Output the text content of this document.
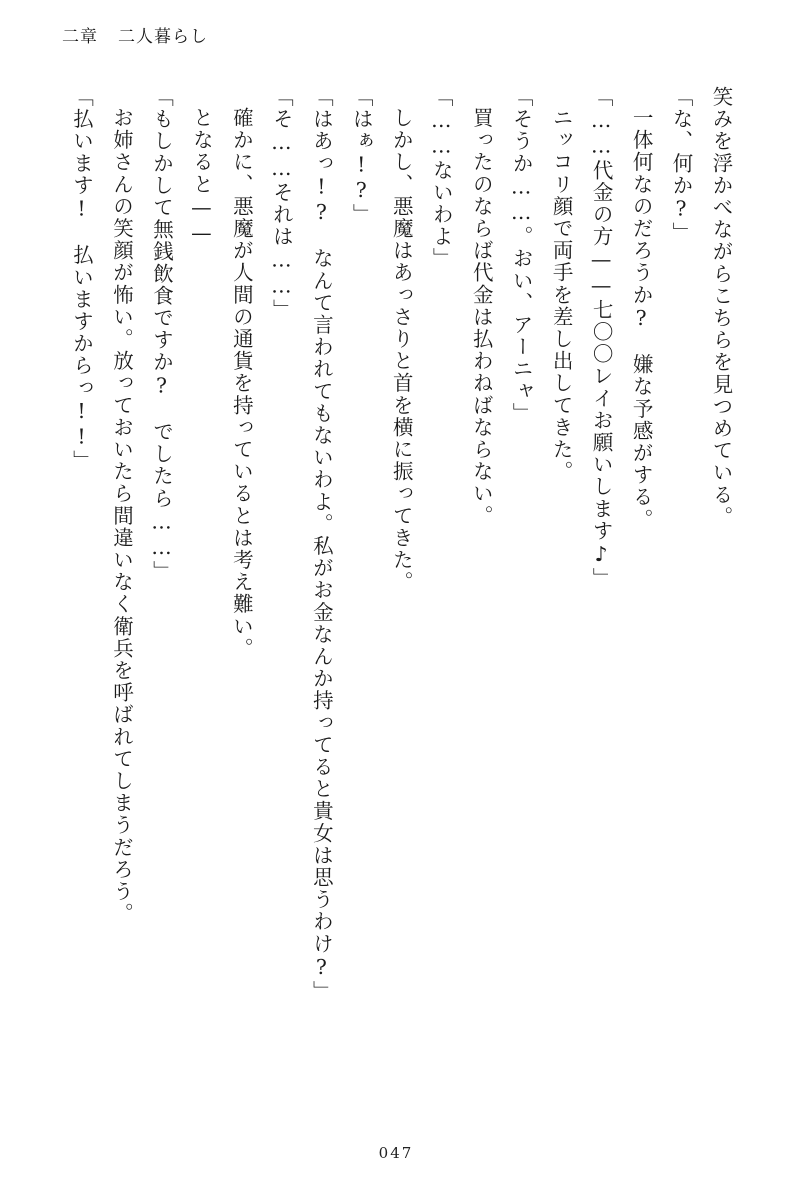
二章 二人暮らし

笑みを浮かべながらこちらを見つめている。

「な、何か?」

一体何なのだろうか?　嫌な予感がする。

「……代金の方——七〇〇レイお願いします♪」

ニッコリ顔で両手を差し出してきた。

「そうか……。おい、アーニャ」

買ったのならば代金は払わねばならない。

「……ないわよ」

しかし、悪魔はあっさりと首を横に振ってきた。

「はぁ!?」

「はあっ!?　なんて言われてもないわよ。私がお金なんか持ってると貴女は思うわけ?」

「そ……それは……」

確かに、悪魔が人間の通貨を持っているとは考え難い。

となると——

「もしかして無銭飲食ですか?　でしたら……」

お姉さんの笑顔が怖い。放っておいたら間違いなく衛兵を呼ばれてしまうだろう。

「払います!　払いますからっ!!」

047
